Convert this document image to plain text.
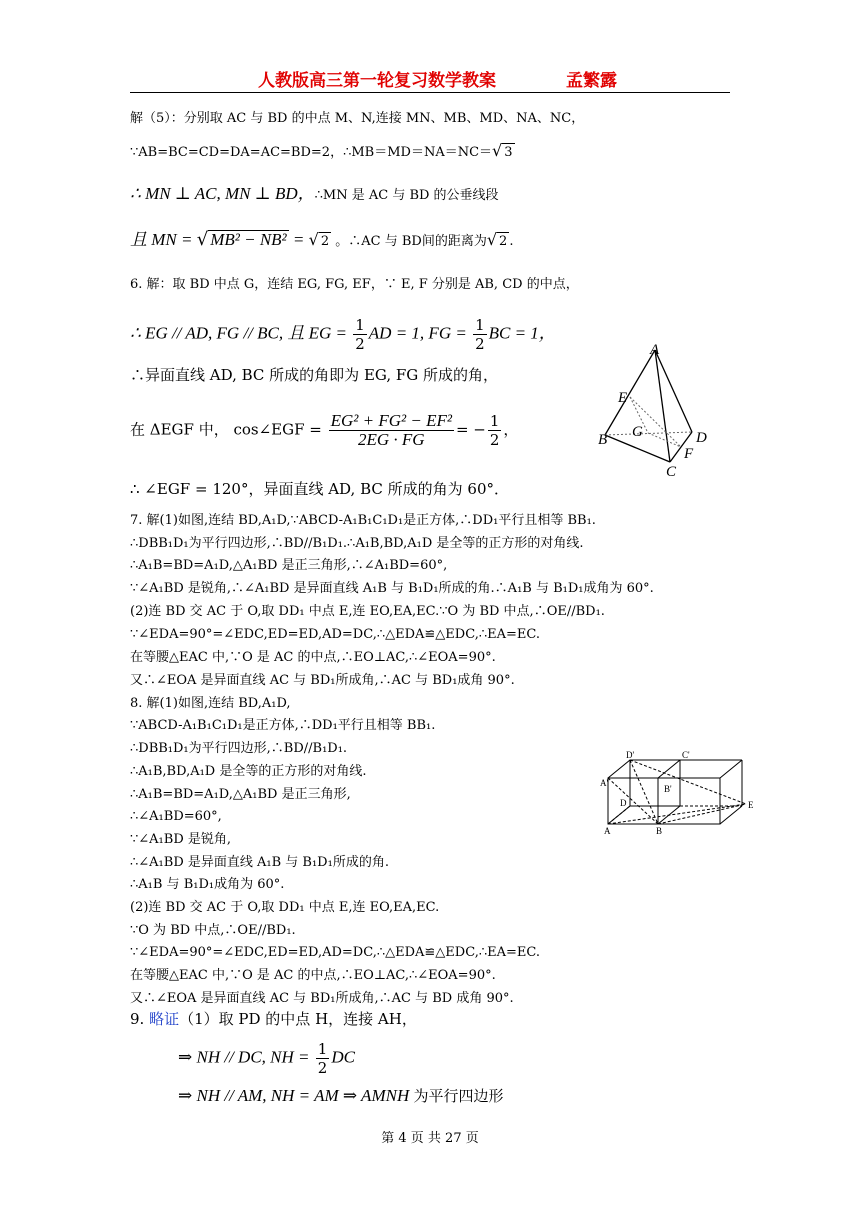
人教版高三第一轮复习数学教案	孟繁露
解（5）：分别取 AC 与 BD 的中点 M、N,连接 MN、MB、MD、NA、NC，
∵AB=BC=CD=DA=AC=BD=2，∴MB＝MD＝NA＝NC＝√ 3
∴ MN ⊥ AC, MN ⊥ BD，∴MN 是 AC 与 BD 的公垂线段
且 MN = √ MB² − NB² = √ 2 。∴AC 与 BD间的距离为√ 2 .
6. 解：取 BD 中点 G，连结 EG, FG, EF，∵ E, F 分别是 AB, CD 的中点，
∴ EG // AD, FG // BC, 且 EG = $\frac{1}{2}$ AD = 1, FG = $\frac{1}{2}$ BC = 1，
∴异面直线 AD, BC 所成的角即为 EG, FG 所成的角，
在 ΔEGF 中， cos∠EGF = $\frac{\text{EG² + FG² − EF²}}{2EG \cdot FG}$ = − $\frac{1}{2}$ ，
∴ ∠EGF = 120°，异面直线 AD, BC 所成的角为 60°．
A
E
B G	D
F
C
7. 解(1)如图,连结 BD,A₁D,∵ABCD-A₁B₁C₁D₁是正方体,∴DD₁平行且相等 BB₁.
∴DBB₁D₁为平行四边形,∴BD//B₁D₁.∴A₁B,BD,A₁D 是全等的正方形的对角线.
∴A₁B=BD=A₁D,△A₁BD 是正三角形,∴∠A₁BD=60°,
∵∠A₁BD 是锐角,∴∠A₁BD 是异面直线 A₁B 与 B₁D₁所成的角.∴A₁B 与 B₁D₁成角为 60°.
(2)连 BD 交 AC 于 O,取 DD₁ 中点 E,连 EO,EA,EC.∵O 为 BD 中点,∴OE//BD₁.
∵∠EDA=90°=∠EDC,ED=ED,AD=DC,∴△EDA≌△EDC,∴EA=EC.
在等腰△EAC 中,∵O 是 AC 的中点,∴EO⊥AC,∴∠EOA=90°.
又∴∠EOA 是异面直线 AC 与 BD₁所成角,∴AC 与 BD₁成角 90°.
8. 解(1)如图,连结 BD,A₁D,
∵ABCD-A₁B₁C₁D₁是正方体,∴DD₁平行且相等 BB₁.
∴DBB₁D₁为平行四边形,∴BD//B₁D₁.
∴A₁B,BD,A₁D 是全等的正方形的对角线.
∴A₁B=BD=A₁D,△A₁BD 是正三角形,
∴∠A₁BD=60°,
∵∠A₁BD 是锐角,
∴∠A₁BD 是异面直线 A₁B 与 B₁D₁所成的角.
∴A₁B 与 B₁D₁成角为 60°.
(2)连 BD 交 AC 于 O,取 DD₁ 中点 E,连 EO,EA,EC.
∵O 为 BD 中点,∴OE//BD₁.
∵∠EDA=90°=∠EDC,ED=ED,AD=DC,∴△EDA≌△EDC,∴EA=EC.
在等腰△EAC 中,∵O 是 AC 的中点,∴EO⊥AC,∴∠EOA=90°.
又∴∠EOA 是异面直线 AC 与 BD₁所成角,∴AC 与 BD 成角 90°.
D'	C'
A'
B'
D	E
A	B
9. 略证（1）取 PD 的中点 H，连接 AH，
⇒ NH // DC, NH = $\frac{1}{2}$ DC
⇒ NH // AM, NH = AM ⇒ AMNH 为平行四边形
第 4 页 共 27 页
